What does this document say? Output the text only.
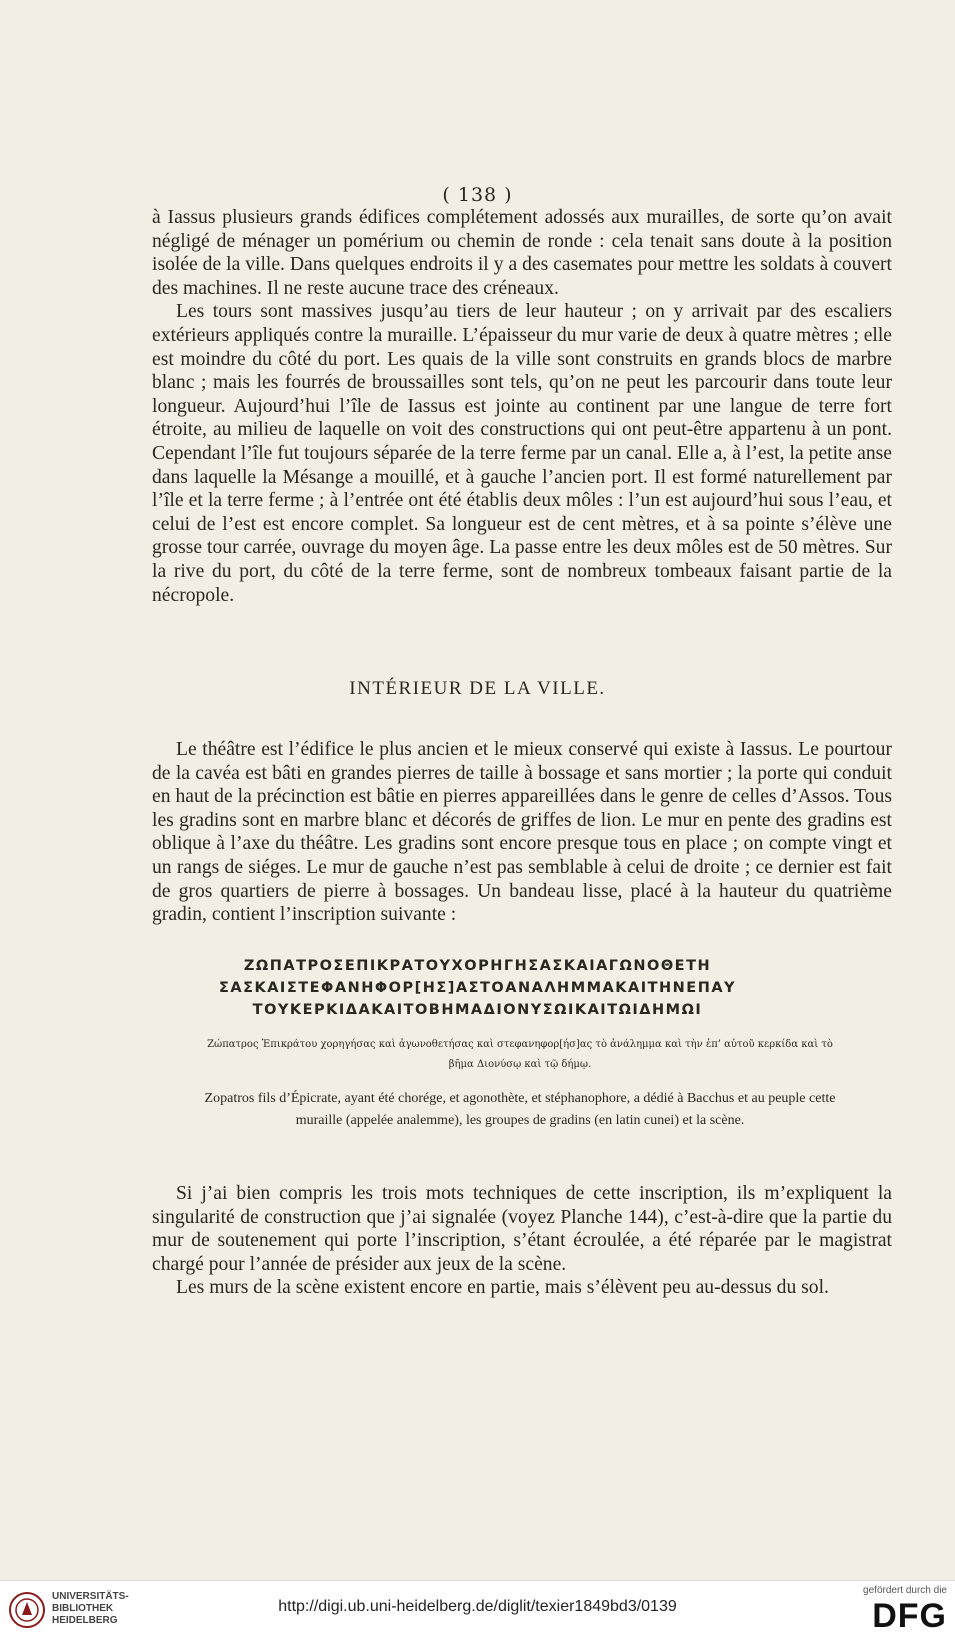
( 138 )

à Iassus plusieurs grands édifices complétement adossés aux murailles, de sorte qu’on avait négligé de ménager un pomérium ou chemin de ronde : cela tenait sans doute à la position isolée de la ville. Dans quelques endroits il y a des casemates pour mettre les soldats à couvert des machines. Il ne reste aucune trace des créneaux.

Les tours sont massives jusqu’au tiers de leur hauteur ; on y arrivait par des escaliers extérieurs appliqués contre la muraille. L’épaisseur du mur varie de deux à quatre mètres ; elle est moindre du côté du port. Les quais de la ville sont construits en grands blocs de marbre blanc ; mais les fourrés de broussailles sont tels, qu’on ne peut les parcourir dans toute leur longueur. Aujourd’hui l’île de Iassus est jointe au continent par une langue de terre fort étroite, au milieu de laquelle on voit des constructions qui ont peut-être appartenu à un pont. Cependant l’île fut toujours séparée de la terre ferme par un canal. Elle a, à l’est, la petite anse dans laquelle la Mésange a mouillé, et à gauche l’ancien port. Il est formé naturellement par l’île et la terre ferme ; à l’entrée ont été établis deux môles : l’un est aujourd’hui sous l’eau, et celui de l’est est encore complet. Sa longueur est de cent mètres, et à sa pointe s’élève une grosse tour carrée, ouvrage du moyen âge. La passe entre les deux môles est de 50 mètres. Sur la rive du port, du côté de la terre ferme, sont de nombreux tombeaux faisant partie de la nécropole.

INTÉRIEUR DE LA VILLE.
Le théâtre est l’édifice le plus ancien et le mieux conservé qui existe à Iassus. Le pourtour de la cavéa est bâti en grandes pierres de taille à bossage et sans mortier ; la porte qui conduit en haut de la précinction est bâtie en pierres appareillées dans le genre de celles d’Assos. Tous les gradins sont en marbre blanc et décorés de griffes de lion. Le mur en pente des gradins est oblique à l’axe du théâtre. Les gradins sont encore presque tous en place ; on compte vingt et un rangs de siéges. Le mur de gauche n’est pas semblable à celui de droite ; ce dernier est fait de gros quartiers de pierre à bossages. Un bandeau lisse, placé à la hauteur du quatrième gradin, contient l’inscription suivante :
ΖΩΠΑΤΡΟΣΕΠΙΚΡΑΤΟΥΧΟΡΗΓΗΣΑΣΚΑΙΑΓΩΝΟΘΕΤΗ
ΣΑΣΚΑΙΣΤΕΦΑΝΗΦΟΡ[ΗΣ]ΑΣΤΟΑΝΑΛΗΜΜΑΚΑΙΤΗΝΕΠΑΥ
ΤΟΥΚΕΡΚΙΔΑΚΑΙΤΟΒΗΜΑΔΙΟΝΥΣΩΙΚΑΙΤΩΙΔΗΜΩΙ
Ζώπατρος Ἐπικράτου χορηγήσας καὶ ἀγωνοθετήσας καὶ στεφανηφορ[ήσ]ας τὸ ἀνάλημμα καὶ τὴν ἐπ’ αὐτοῦ κερκίδα καὶ τὸ βῆμα Διονύσῳ καὶ τῷ δήμῳ.
Zopatros fils d’Épicrate, ayant été chorége, et agonothète, et stéphanophore, a dédié à Bacchus et au peuple cette muraille (appelée analemme), les groupes de gradins (en latin cunei) et la scène.

Si j’ai bien compris les trois mots techniques de cette inscription, ils m’expliquent la singularité de construction que j’ai signalée (voyez Planche 144), c’est-à-dire que la partie du mur de soutenement qui porte l’inscription, s’étant écroulée, a été réparée par le magistrat chargé pour l’année de présider aux jeux de la scène.

Les murs de la scène existent encore en partie, mais s’élèvent peu au-dessus du sol.

UNIVERSITÄTS-
BIBLIOTHEK
HEIDELBERG
http://digi.ub.uni-heidelberg.de/diglit/texier1849bd3/0139
gefördert durch die
DFG
